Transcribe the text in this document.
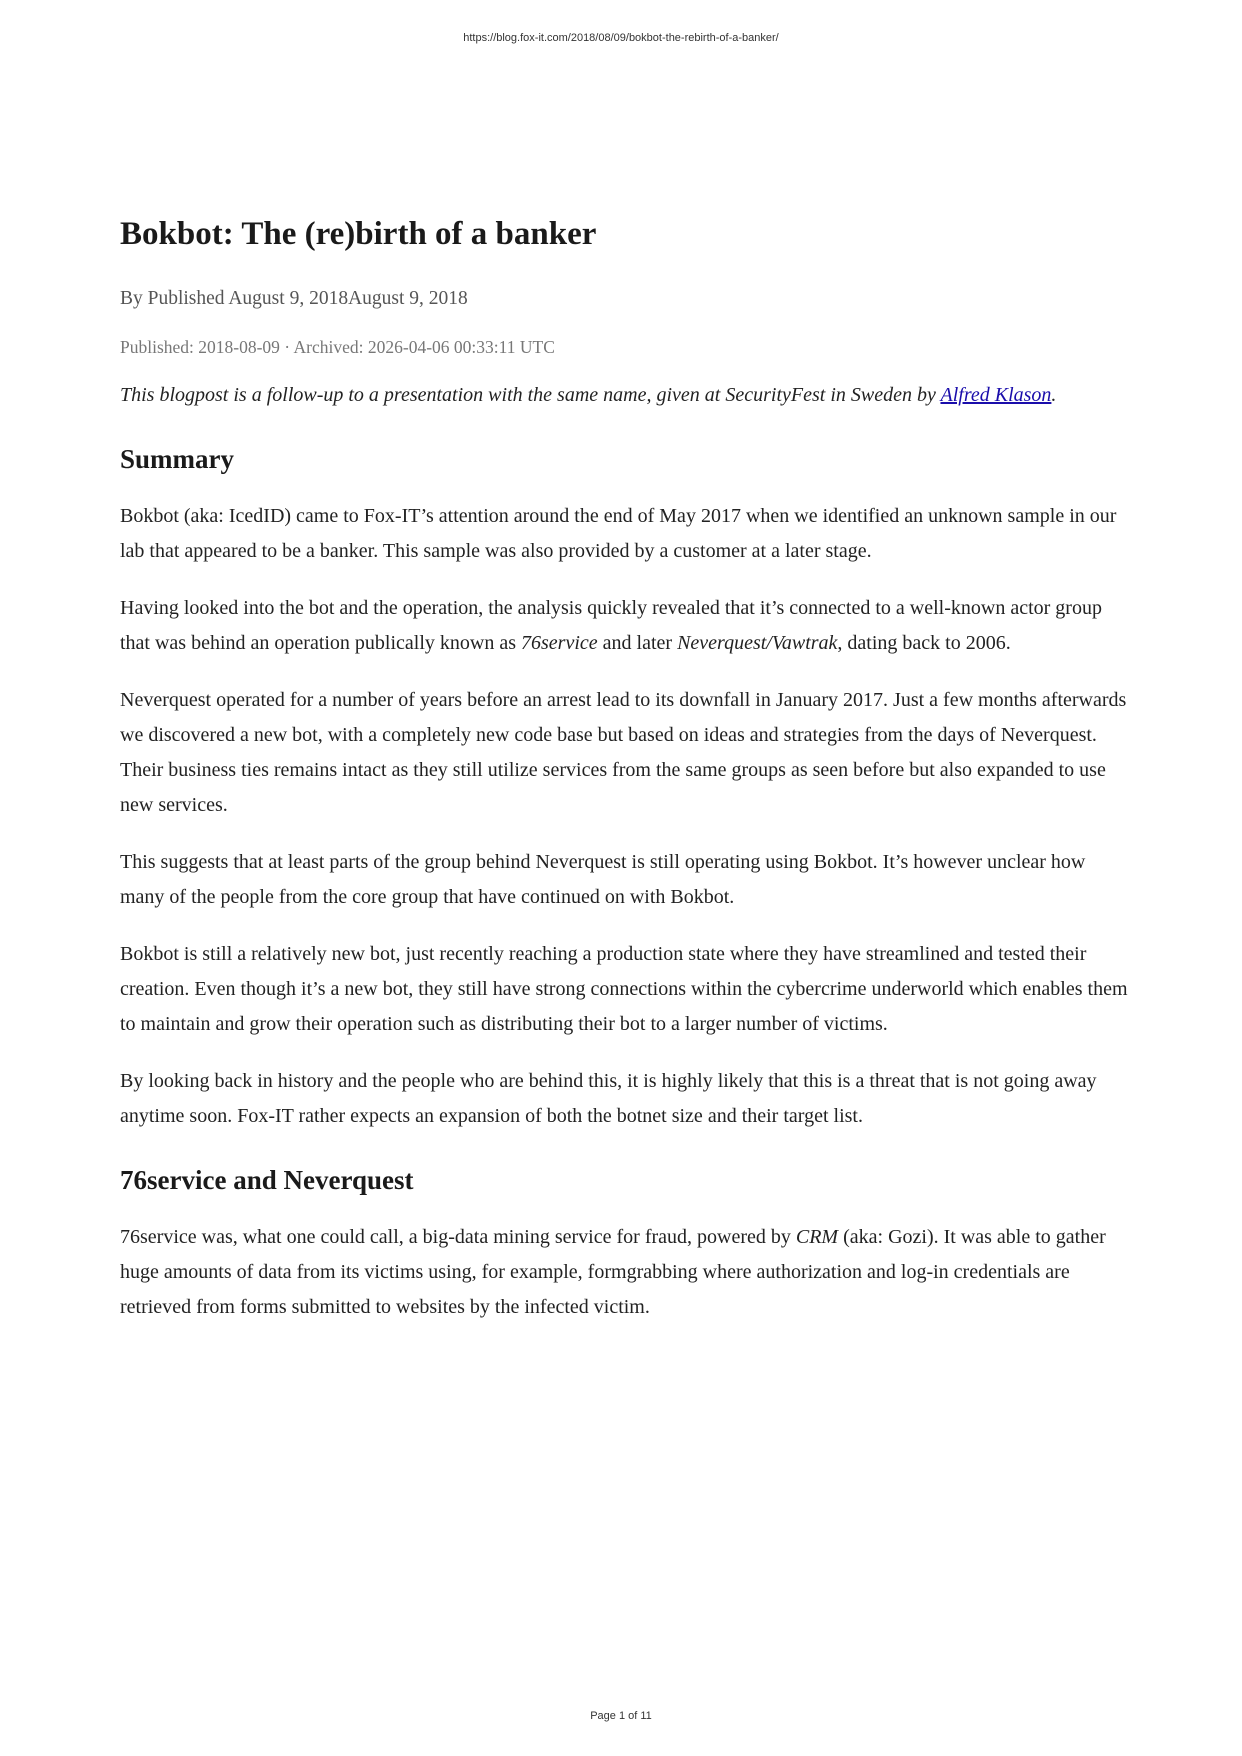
https://blog.fox-it.com/2018/08/09/bokbot-the-rebirth-of-a-banker/
Bokbot: The (re)birth of a banker
By Published August 9, 2018August 9, 2018
Published: 2018-08-09 · Archived: 2026-04-06 00:33:11 UTC

This blogpost is a follow-up to a presentation with the same name, given at SecurityFest in Sweden by Alfred Klason.

Summary

Bokbot (aka: IcedID) came to Fox-IT’s attention around the end of May 2017 when we identified an unknown sample in our lab that appeared to be a banker. This sample was also provided by a customer at a later stage.

Having looked into the bot and the operation, the analysis quickly revealed that it’s connected to a well-known actor group that was behind an operation publically known as 76service and later Neverquest/Vawtrak, dating back to 2006.

Neverquest operated for a number of years before an arrest lead to its downfall in January 2017. Just a few months afterwards we discovered a new bot, with a completely new code base but based on ideas and strategies from the days of Neverquest. Their business ties remains intact as they still utilize services from the same groups as seen before but also expanded to use new services.

This suggests that at least parts of the group behind Neverquest is still operating using Bokbot. It’s however unclear how many of the people from the core group that have continued on with Bokbot.

Bokbot is still a relatively new bot, just recently reaching a production state where they have streamlined and tested their creation. Even though it’s a new bot, they still have strong connections within the cybercrime underworld which enables them to maintain and grow their operation such as distributing their bot to a larger number of victims.

By looking back in history and the people who are behind this, it is highly likely that this is a threat that is not going away anytime soon. Fox-IT rather expects an expansion of both the botnet size and their target list.

76service and Neverquest

76service was, what one could call, a big-data mining service for fraud, powered by CRM (aka: Gozi). It was able to gather huge amounts of data from its victims using, for example, formgrabbing where authorization and log-in credentials are retrieved from forms submitted to websites by the infected victim.

Page 1 of 11
